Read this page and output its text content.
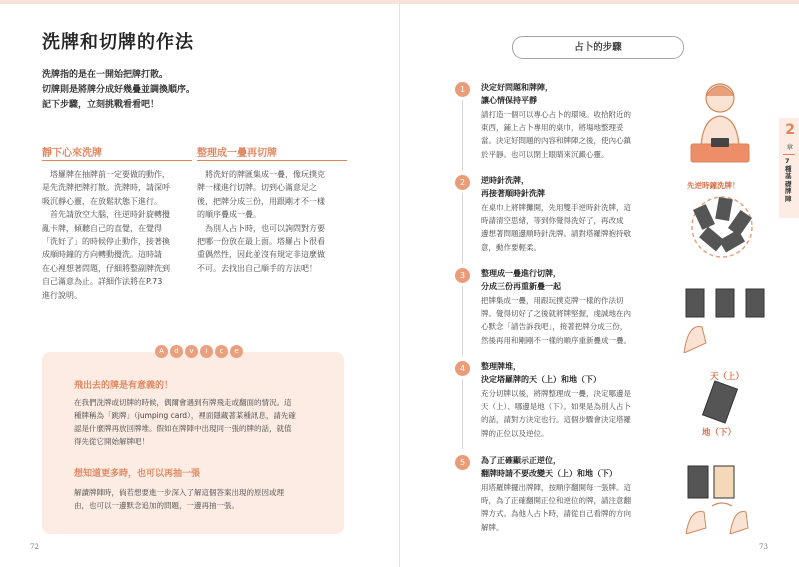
洗牌和切牌的作法
洗牌指的是在一開始把牌打散。
切牌則是將牌分成好幾疊並調換順序。
記下步驟，立刻挑戰看看吧！
靜下心來洗牌
　塔羅牌在抽牌前一定要做的動作，
是先洗牌把牌打散。洗牌時，請深呼
吸沉靜心靈，在放鬆狀態下進行。
　首先請放空大腦，往逆時針旋轉攪
亂卡牌，傾聽自己的直覺，在覺得
「洗好了」的時候停止動作，接著換
成順時鐘的方向轉動攪洗。這時請
在心裡想著問題，仔細將整副牌洗到
自己滿意為止。詳細作法將在P.73
進行說明。
整理成一疊再切牌
　將洗好的牌匯集成一疊，像玩撲克
牌一樣進行切牌。切到心滿意足之
後，把牌分成三份，用跟剛才不一樣
的順序疊成一疊。
　為別人占卜時，也可以詢問對方要
把哪一份放在最上面。塔羅占卜很看
重偶然性，因此並沒有規定非這麼做
不可。去找出自己順手的方法吧！
A	d	v	i	c	e
飛出去的牌是有意義的！
在我們洗牌或切牌的時候，偶爾會遇到有牌飛走或翻面的情況。這
種牌稱為「跳牌」（jumping card），裡面隱藏著某種訊息，請先確
認是什麼牌再放回牌堆。假如在牌陣中出現同一張的牌的話，就值
得先從它開始解牌吧！
想知道更多時，也可以再抽一張
解讀牌陣時，倘若想要進一步深入了解這個答案出現的原因或理
由，也可以一邊默念追加的問題，一邊再抽一張。
72
占卜的步驟
1	決定好問題和牌陣，
讓心情保持平靜
請打造一個可以專心占卜的環境。收拾附近的
東西，鋪上占卜專用的桌巾，將場地整理妥
當。決定好問題的內容和牌陣之後，使內心鎮
於平靜。也可以閉上眼睛來沉澱心靈。
2	逆時針洗牌，
再接著順時針洗牌
在桌巾上將牌攤開，先用雙手逆時針洗牌，這
時請清空思緒，等到你覺得洗好了，再改成
邊想著問題邊順時針洗牌。請對塔羅牌抱持敬
意，動作要輕柔。
3	整理成一疊進行切牌，
分成三份再重新疊一起
把牌集成一疊，用跟玩撲克牌一樣的作法切
牌。覺得切好了之後就將牌堅握，虔誠地在內
心默念「請告訴我吧」，接著把牌分成三份，
然後再用和剛剛不一樣的順序重新疊成一疊。
4	整理牌堆，
決定塔羅牌的天（上）和地（下）
充分切牌以後，將牌整理成一疊，決定哪邊是
天（上）、哪邊是地（下）。如果是為別人占卜
的話，請對方決定也行。這個步驟會決定塔羅
牌的正位以及逆位。
5	為了正確顯示正逆位，
翻牌時請不要改變天（上）和地（下）
用塔羅牌擺出牌陣，按順序翻開每一張牌。這
時，為了正確翻開正位和逆位的牌，請注意翻
牌方式。為他人占卜時，請從自己看牌的方向
解牌。
先逆時鐘洗牌！
天（上）
地（下）
2
章
7種基礎牌陣
73
